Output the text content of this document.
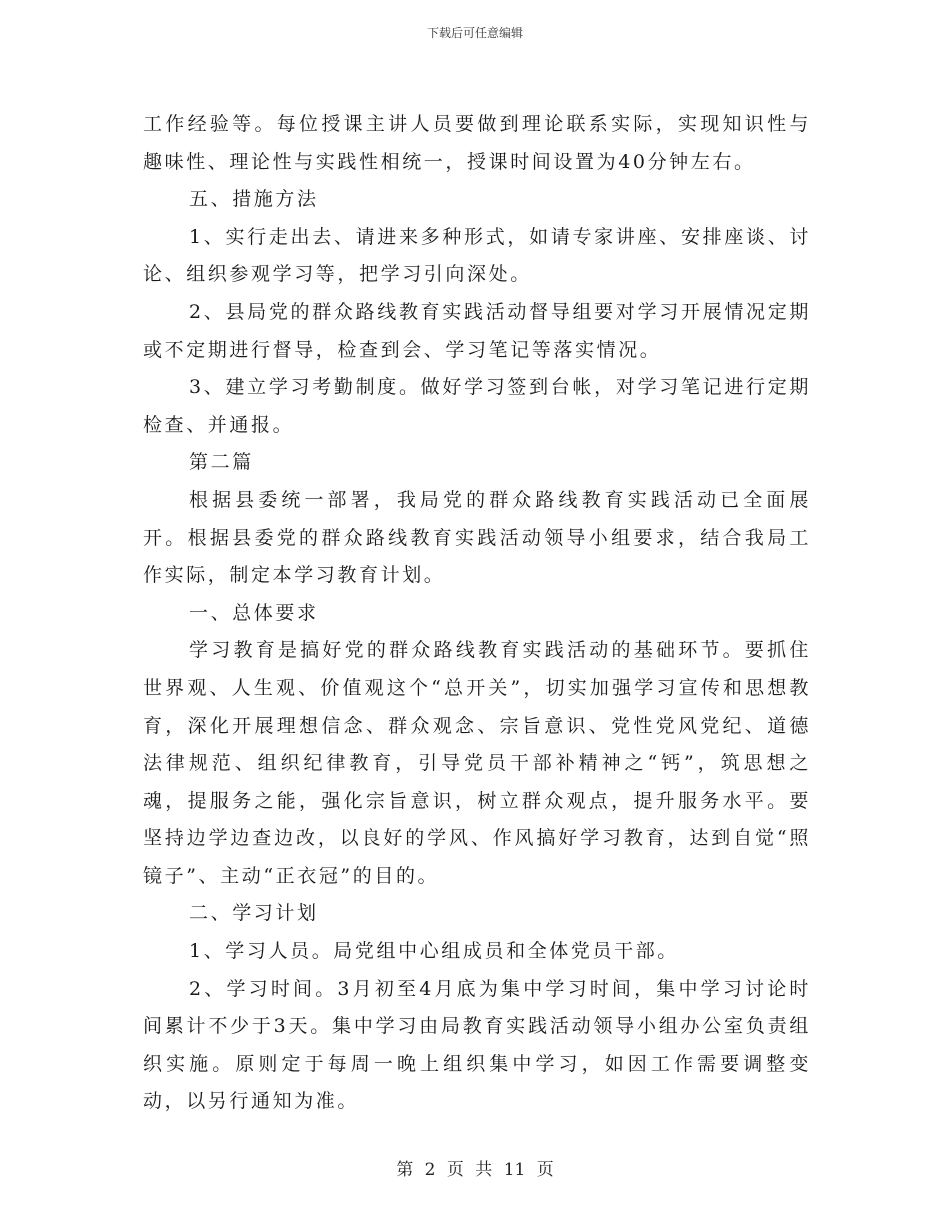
下载后可任意编辑

工作经验等。每位授课主讲人员要做到理论联系实际，实现知识性与趣味性、理论性与实践性相统一，授课时间设置为40分钟左右。

五、措施方法

1、实行走出去、请进来多种形式，如请专家讲座、安排座谈、讨论、组织参观学习等，把学习引向深处。

2、县局党的群众路线教育实践活动督导组要对学习开展情况定期或不定期进行督导，检查到会、学习笔记等落实情况。

3、建立学习考勤制度。做好学习签到台帐，对学习笔记进行定期检查、并通报。

第二篇

根据县委统一部署，我局党的群众路线教育实践活动已全面展开。根据县委党的群众路线教育实践活动领导小组要求，结合我局工作实际，制定本学习教育计划。

一、总体要求

学习教育是搞好党的群众路线教育实践活动的基础环节。要抓住世界观、人生观、价值观这个“总开关”，切实加强学习宣传和思想教育，深化开展理想信念、群众观念、宗旨意识、党性党风党纪、道德法律规范、组织纪律教育，引导党员干部补精神之“钙”，筑思想之魂，提服务之能，强化宗旨意识，树立群众观点，提升服务水平。要坚持边学边查边改，以良好的学风、作风搞好学习教育，达到自觉“照镜子”、主动“正衣冠”的目的。

二、学习计划

1、学习人员。局党组中心组成员和全体党员干部。

2、学习时间。3月初至4月底为集中学习时间，集中学习讨论时间累计不少于3天。集中学习由局教育实践活动领导小组办公室负责组织实施。原则定于每周一晚上组织集中学习，如因工作需要调整变动，以另行通知为准。

第 2 页 共 11 页
